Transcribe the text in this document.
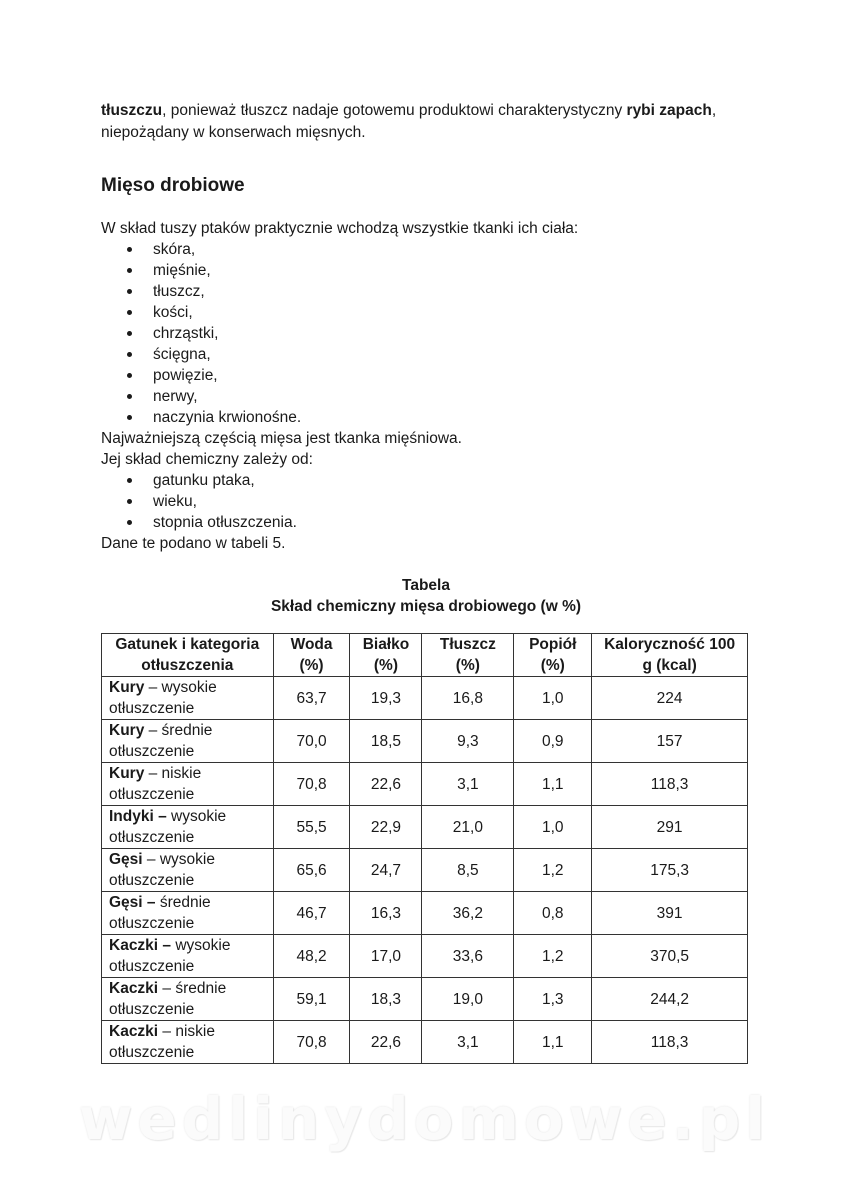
tłuszczu, ponieważ tłuszcz nadaje gotowemu produktowi charakterystyczny rybi zapach, niepożądany w konserwach mięsnych.

Mięso drobiowe

W skład tuszy ptaków praktycznie wchodzą wszystkie tkanki ich ciała:

skóra,
mięśnie,
tłuszcz,
kości,
chrząstki,
ścięgna,
powięzie,
nerwy,
naczynia krwionośne.

Najważniejszą częścią mięsa jest tkanka mięśniowa.

Jej skład chemiczny zależy od:

gatunku ptaka,
wieku,
stopnia otłuszczenia.

Dane te podano w tabeli 5.

Tabela
Skład chemiczny mięsa drobiowego (w %)
Gatunek i kategoria otłuszczenia	Woda (%)	Białko (%)	Tłuszcz (%)	Popiół (%)	Kaloryczność 100 g (kcal)
Kury – wysokie otłuszczenie	63,7	19,3	16,8	1,0	224
Kury – średnie otłuszczenie	70,0	18,5	9,3	0,9	157
Kury – niskie otłuszczenie	70,8	22,6	3,1	1,1	118,3
Indyki – wysokie otłuszczenie	55,5	22,9	21,0	1,0	291
Gęsi – wysokie otłuszczenie	65,6	24,7	8,5	1,2	175,3
Gęsi – średnie otłuszczenie	46,7	16,3	36,2	0,8	391
Kaczki – wysokie otłuszczenie	48,2	17,0	33,6	1,2	370,5
Kaczki – średnie otłuszczenie	59,1	18,3	19,0	1,3	244,2
Kaczki – niskie otłuszczenie	70,8	22,6	3,1	1,1	118,3
wedlinydomowe.pl
